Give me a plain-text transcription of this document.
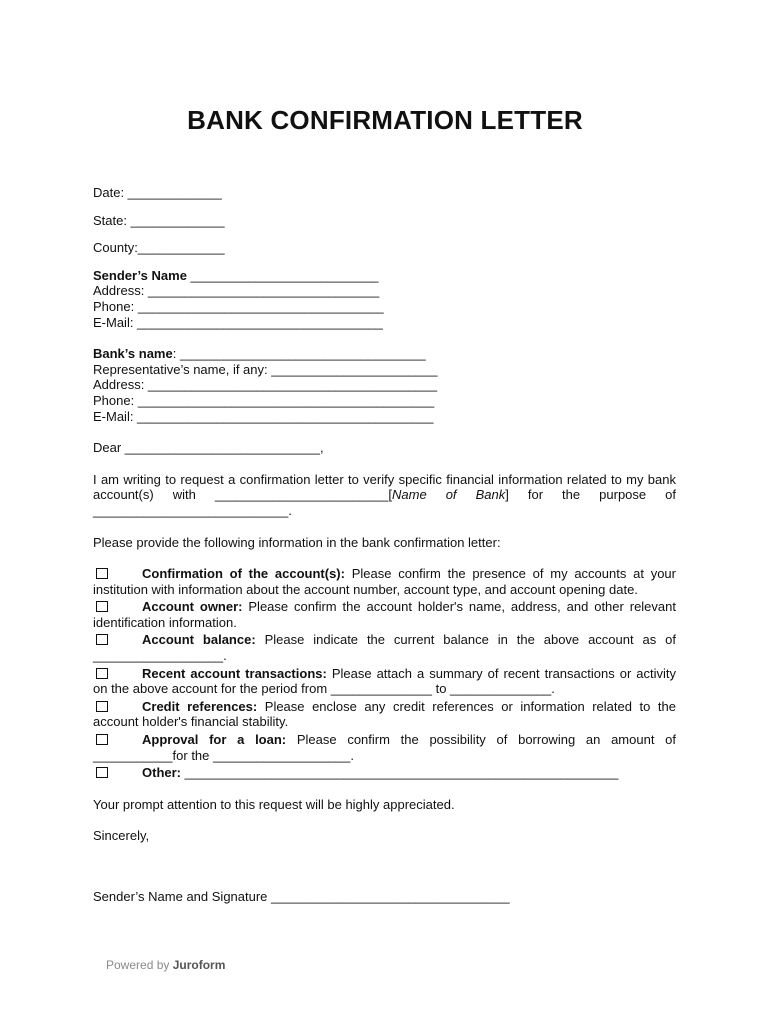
BANK CONFIRMATION LETTER
Date: _____________
State: _____________
County:____________
Sender’s Name __________________________
Address: ________________________________
Phone: __________________________________
E-Mail: __________________________________
Bank’s name: __________________________________
Representative’s name, if any: _______________________
Address: ________________________________________
Phone: _________________________________________
E-Mail: _________________________________________
Dear ___________________________,
I am writing to request a confirmation letter to verify specific financial information related to my bank account(s) with ________________________[Name of Bank] for the purpose of ___________________________.
Please provide the following information in the bank confirmation letter:
Confirmation of the account(s): Please confirm the presence of my accounts at your institution with information about the account number, account type, and account opening date.
Account owner: Please confirm the account holder's name, address, and other relevant identification information.
Account balance: Please indicate the current balance in the above account as of __________________.
Recent account transactions: Please attach a summary of recent transactions or activity on the above account for the period from ______________ to ______________.
Credit references: Please enclose any credit references or information related to the account holder's financial stability.
Approval for a loan: Please confirm the possibility of borrowing an amount of ___________for the ___________________.
Other: ____________________________________________________________
Your prompt attention to this request will be highly appreciated.
Sincerely,
Sender’s Name and Signature _________________________________
Powered by Juroform
